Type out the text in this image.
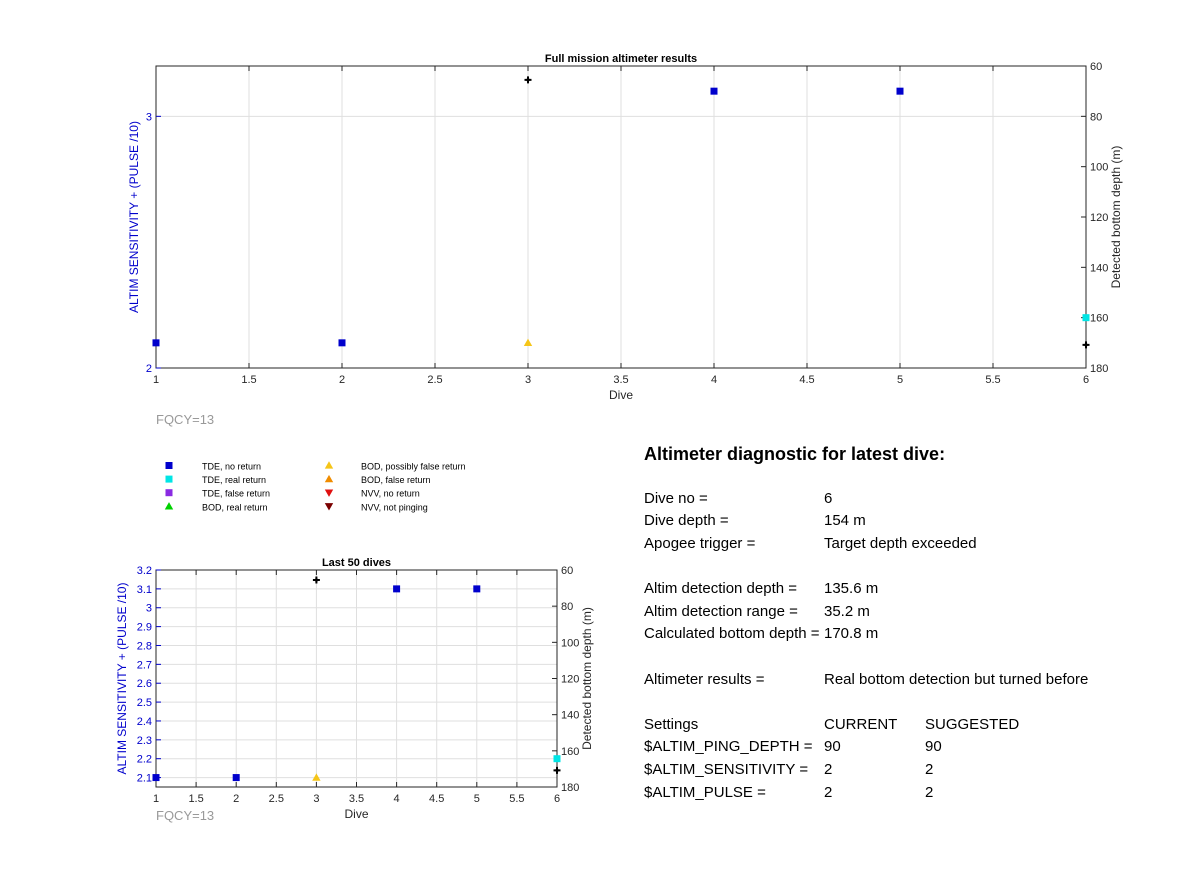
1	1.5	2	2.5	3	3.5	4	4.5	5	5.5	6
2
3
60
80
100
120
140
160
180
Full mission altimeter results
Dive
ALTIM SENSITIVITY + (PULSE /10)	Detected bottom depth (m)
FQCY=13
1	1.5	2	2.5	3	3.5	4	4.5	5	5.5	6
2.1
2.2
2.3
2.4
2.5
2.6
2.7
2.8
2.9
3
3.1
3.2	60
80
100
120
140
160
180
Last 50 dives
Dive
ALTIM SENSITIVITY + (PULSE /10)	Detected bottom depth (m)
FQCY=13
TDE, no return
TDE, real return
TDE, false return
BOD, real return
BOD, possibly false return
BOD, false return
NVV, no return
NVV, not pinging
Altimeter diagnostic for latest dive:
Dive no =	6
Dive depth =	154 m
Apogee trigger =	Target depth exceeded
Altim detection depth =	135.6 m
Altim detection range =	35.2 m
Calculated bottom depth = 170.8 m
Altimeter results =	Real bottom detection but turned before
Settings	CURRENT	SUGGESTED
$ALTIM_PING_DEPTH = 90	90
$ALTIM_SENSITIVITY =	2	2
$ALTIM_PULSE =	2	2
